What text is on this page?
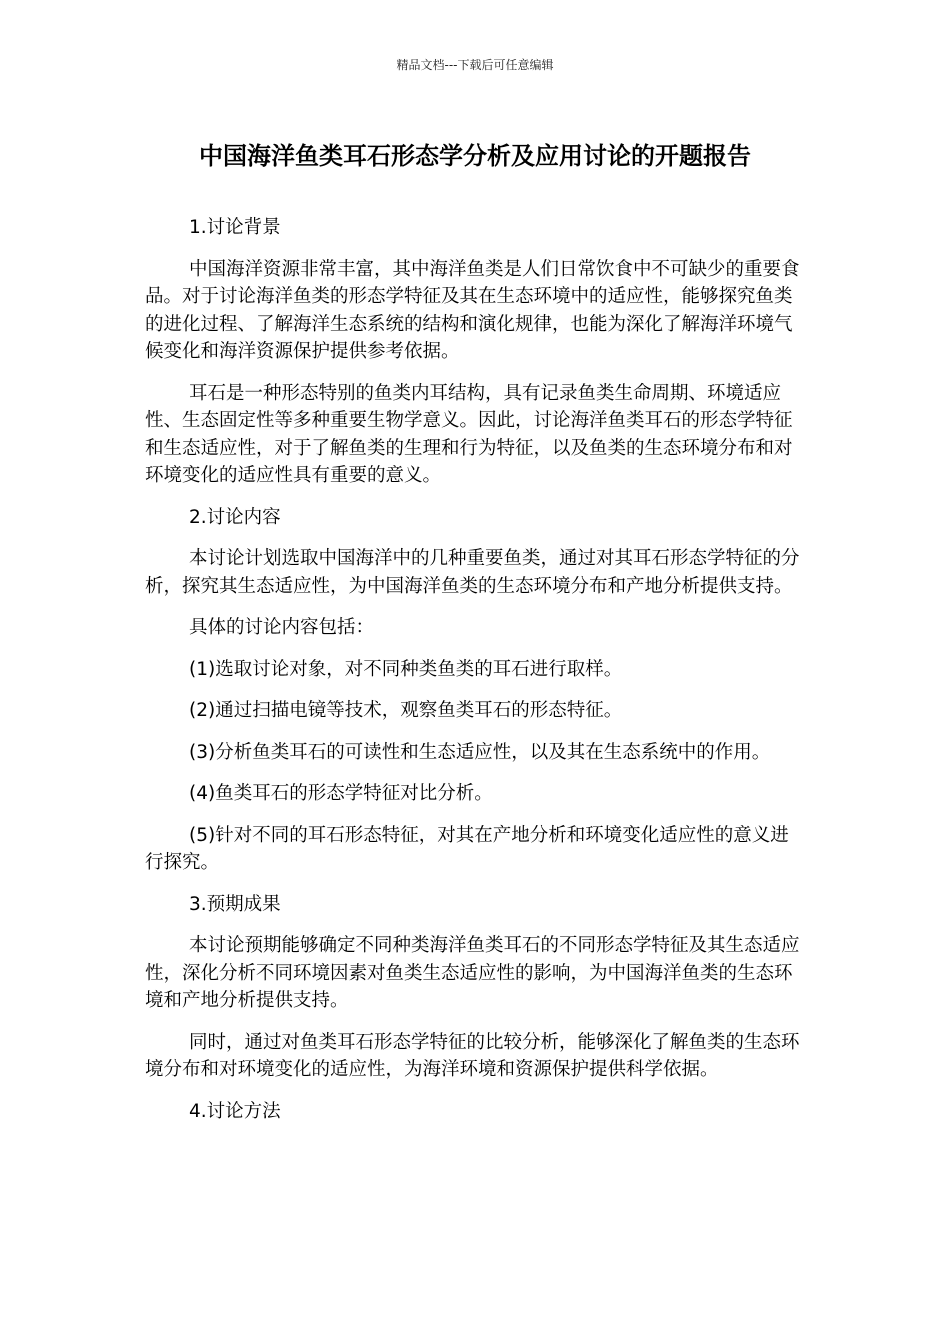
精品文档---下载后可任意编辑
中国海洋鱼类耳石形态学分析及应用讨论的开题报告

1.讨论背景

中国海洋资源非常丰富，其中海洋鱼类是人们日常饮食中不可缺少的重要食品。对于讨论海洋鱼类的形态学特征及其在生态环境中的适应性，能够探究鱼类的进化过程、了解海洋生态系统的结构和演化规律，也能为深化了解海洋环境气候变化和海洋资源保护提供参考依据。

耳石是一种形态特别的鱼类内耳结构，具有记录鱼类生命周期、环境适应性、生态固定性等多种重要生物学意义。因此，讨论海洋鱼类耳石的形态学特征和生态适应性，对于了解鱼类的生理和行为特征，以及鱼类的生态环境分布和对环境变化的适应性具有重要的意义。

2.讨论内容

本讨论计划选取中国海洋中的几种重要鱼类，通过对其耳石形态学特征的分析，探究其生态适应性，为中国海洋鱼类的生态环境分布和产地分析提供支持。

具体的讨论内容包括：

(1)选取讨论对象，对不同种类鱼类的耳石进行取样。

(2)通过扫描电镜等技术，观察鱼类耳石的形态特征。

(3)分析鱼类耳石的可读性和生态适应性，以及其在生态系统中的作用。

(4)鱼类耳石的形态学特征对比分析。

(5)针对不同的耳石形态特征，对其在产地分析和环境变化适应性的意义进行探究。

3.预期成果

本讨论预期能够确定不同种类海洋鱼类耳石的不同形态学特征及其生态适应性，深化分析不同环境因素对鱼类生态适应性的影响，为中国海洋鱼类的生态环境和产地分析提供支持。

同时，通过对鱼类耳石形态学特征的比较分析，能够深化了解鱼类的生态环境分布和对环境变化的适应性，为海洋环境和资源保护提供科学依据。

4.讨论方法
